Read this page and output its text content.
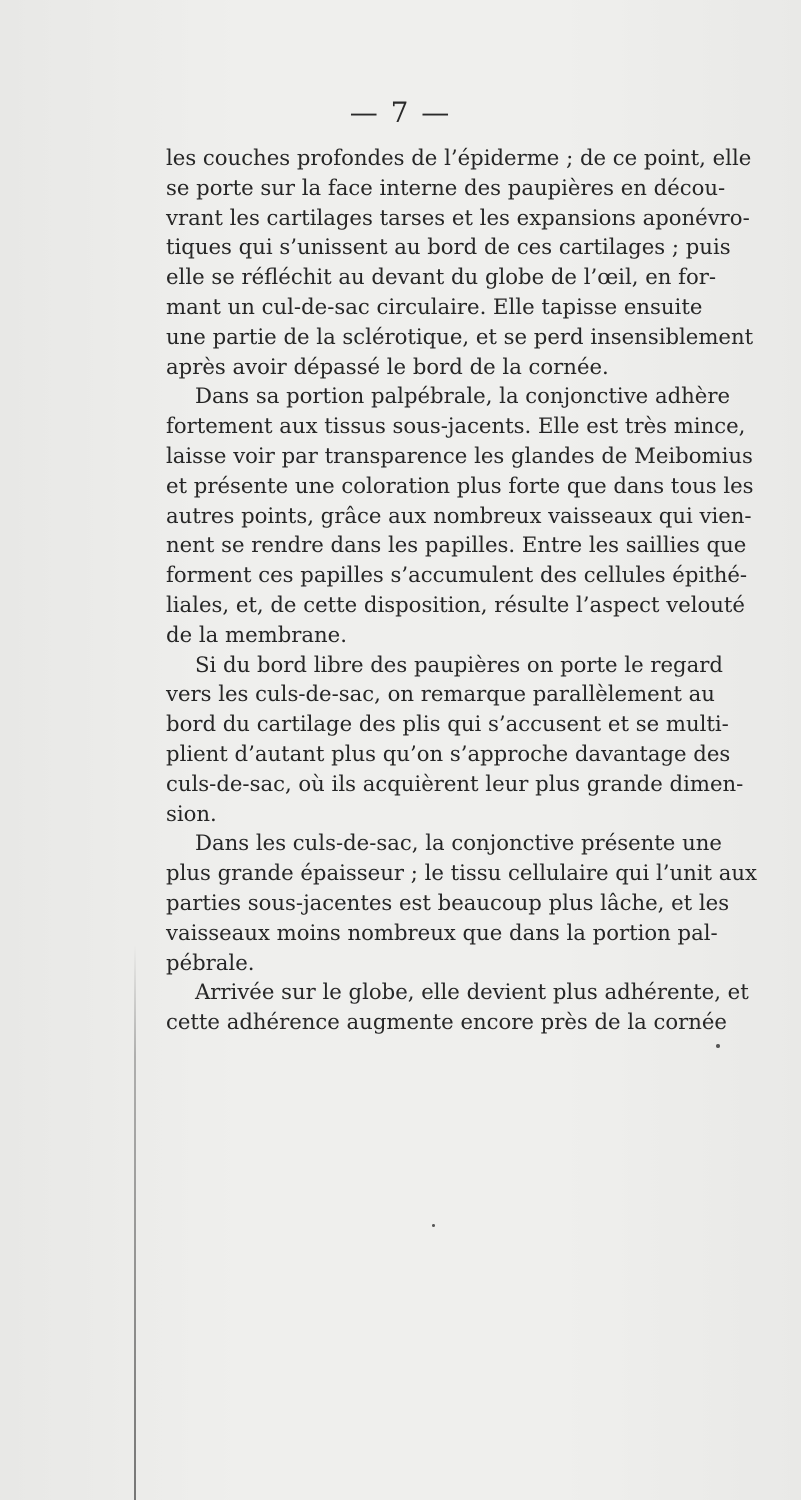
— 7 —
les couches profondes de l’épiderme ; de ce point, elle
se porte sur la face interne des paupières en décou-
vrant les cartilages tarses et les expansions aponévro-
tiques qui s’unissent au bord de ces cartilages ; puis
elle se réfléchit au devant du globe de l’œil, en for-
mant un cul-de-sac circulaire. Elle tapisse ensuite
une partie de la sclérotique, et se perd insensiblement
après avoir dépassé le bord de la cornée.
Dans sa portion palpébrale, la conjonctive adhère
fortement aux tissus sous-jacents. Elle est très mince,
laisse voir par transparence les glandes de Meibomius
et présente une coloration plus forte que dans tous les
autres points, grâce aux nombreux vaisseaux qui vien-
nent se rendre dans les papilles. Entre les saillies que
forment ces papilles s’accumulent des cellules épithé-
liales, et, de cette disposition, résulte l’aspect velouté
de la membrane.
Si du bord libre des paupières on porte le regard
vers les culs-de-sac, on remarque parallèlement au
bord du cartilage des plis qui s’accusent et se multi-
plient d’autant plus qu’on s’approche davantage des
culs-de-sac, où ils acquièrent leur plus grande dimen-
sion.
Dans les culs-de-sac, la conjonctive présente une
plus grande épaisseur ; le tissu cellulaire qui l’unit aux
parties sous-jacentes est beaucoup plus lâche, et les
vaisseaux moins nombreux que dans la portion pal-
pébrale.
Arrivée sur le globe, elle devient plus adhérente, et
cette adhérence augmente encore près de la cornée
